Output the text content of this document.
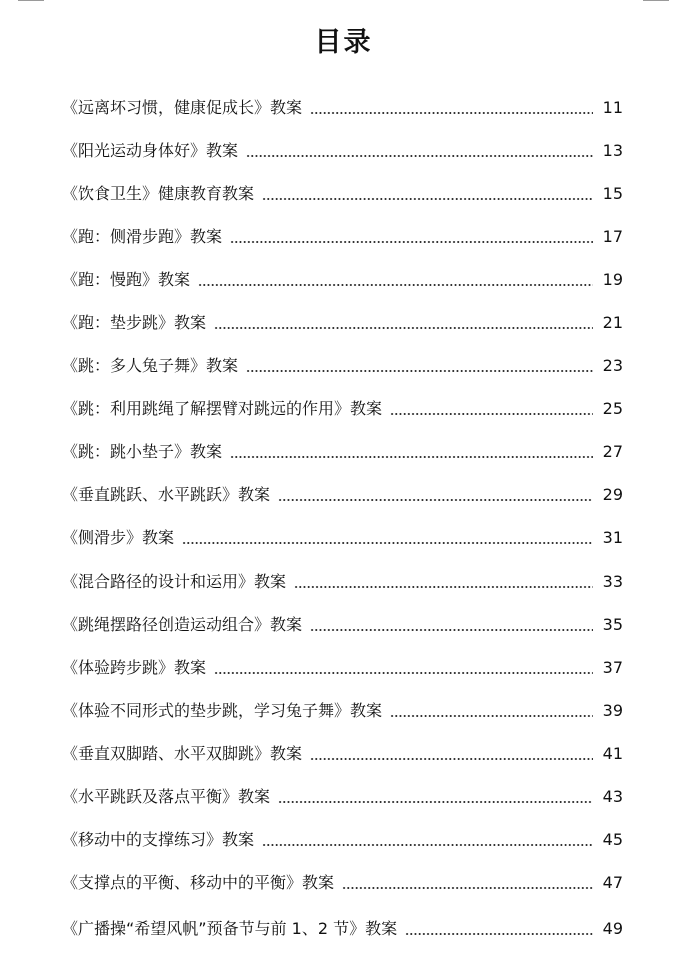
目录
《远离坏习惯，健康促成长》教案	11
《阳光运动身体好》教案	13
《饮食卫生》健康教育教案	15
《跑：侧滑步跑》教案	17
《跑：慢跑》教案	19
《跑：垫步跳》教案	21
《跳：多人兔子舞》教案	23
《跳：利用跳绳了解摆臂对跳远的作用》教案	25
《跳：跳小垫子》教案	27
《垂直跳跃、水平跳跃》教案	29
《侧滑步》教案	31
《混合路径的设计和运用》教案	33
《跳绳摆路径创造运动组合》教案	35
《体验跨步跳》教案	37
《体验不同形式的垫步跳，学习兔子舞》教案	39
《垂直双脚踏、水平双脚跳》教案	41
《水平跳跃及落点平衡》教案	43
《移动中的支撑练习》教案	45
《支撑点的平衡、移动中的平衡》教案	47
《广播操“希望风帆”预备节与前 1、2 节》教案	49
